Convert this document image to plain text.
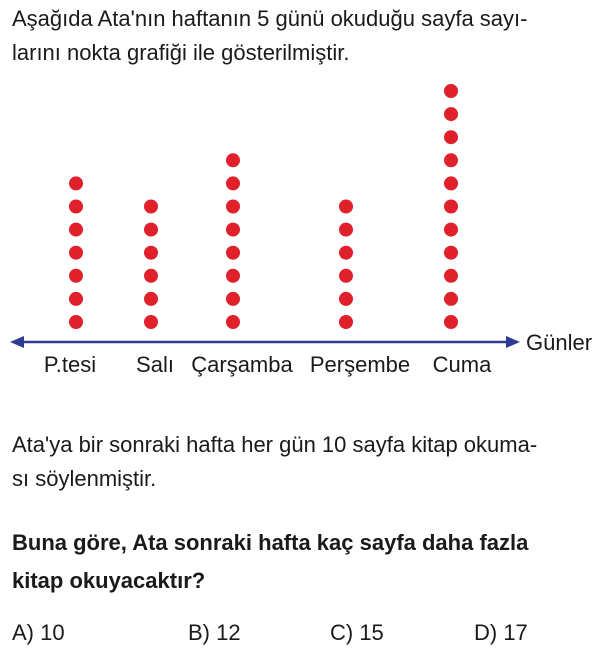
Aşağıda Ata'nın haftanın 5 günü okuduğu sayfa sayı-
larını nokta grafiği ile gösterilmiştir.
Günler
P.tesi Salı Çarşamba Perşembe Cuma
Ata'ya bir sonraki hafta her gün 10 sayfa kitap okuma-
sı söylenmiştir.
Buna göre, Ata sonraki hafta kaç sayfa daha fazla
kitap okuyacaktır?
A) 10	B) 12	C) 15	D) 17
